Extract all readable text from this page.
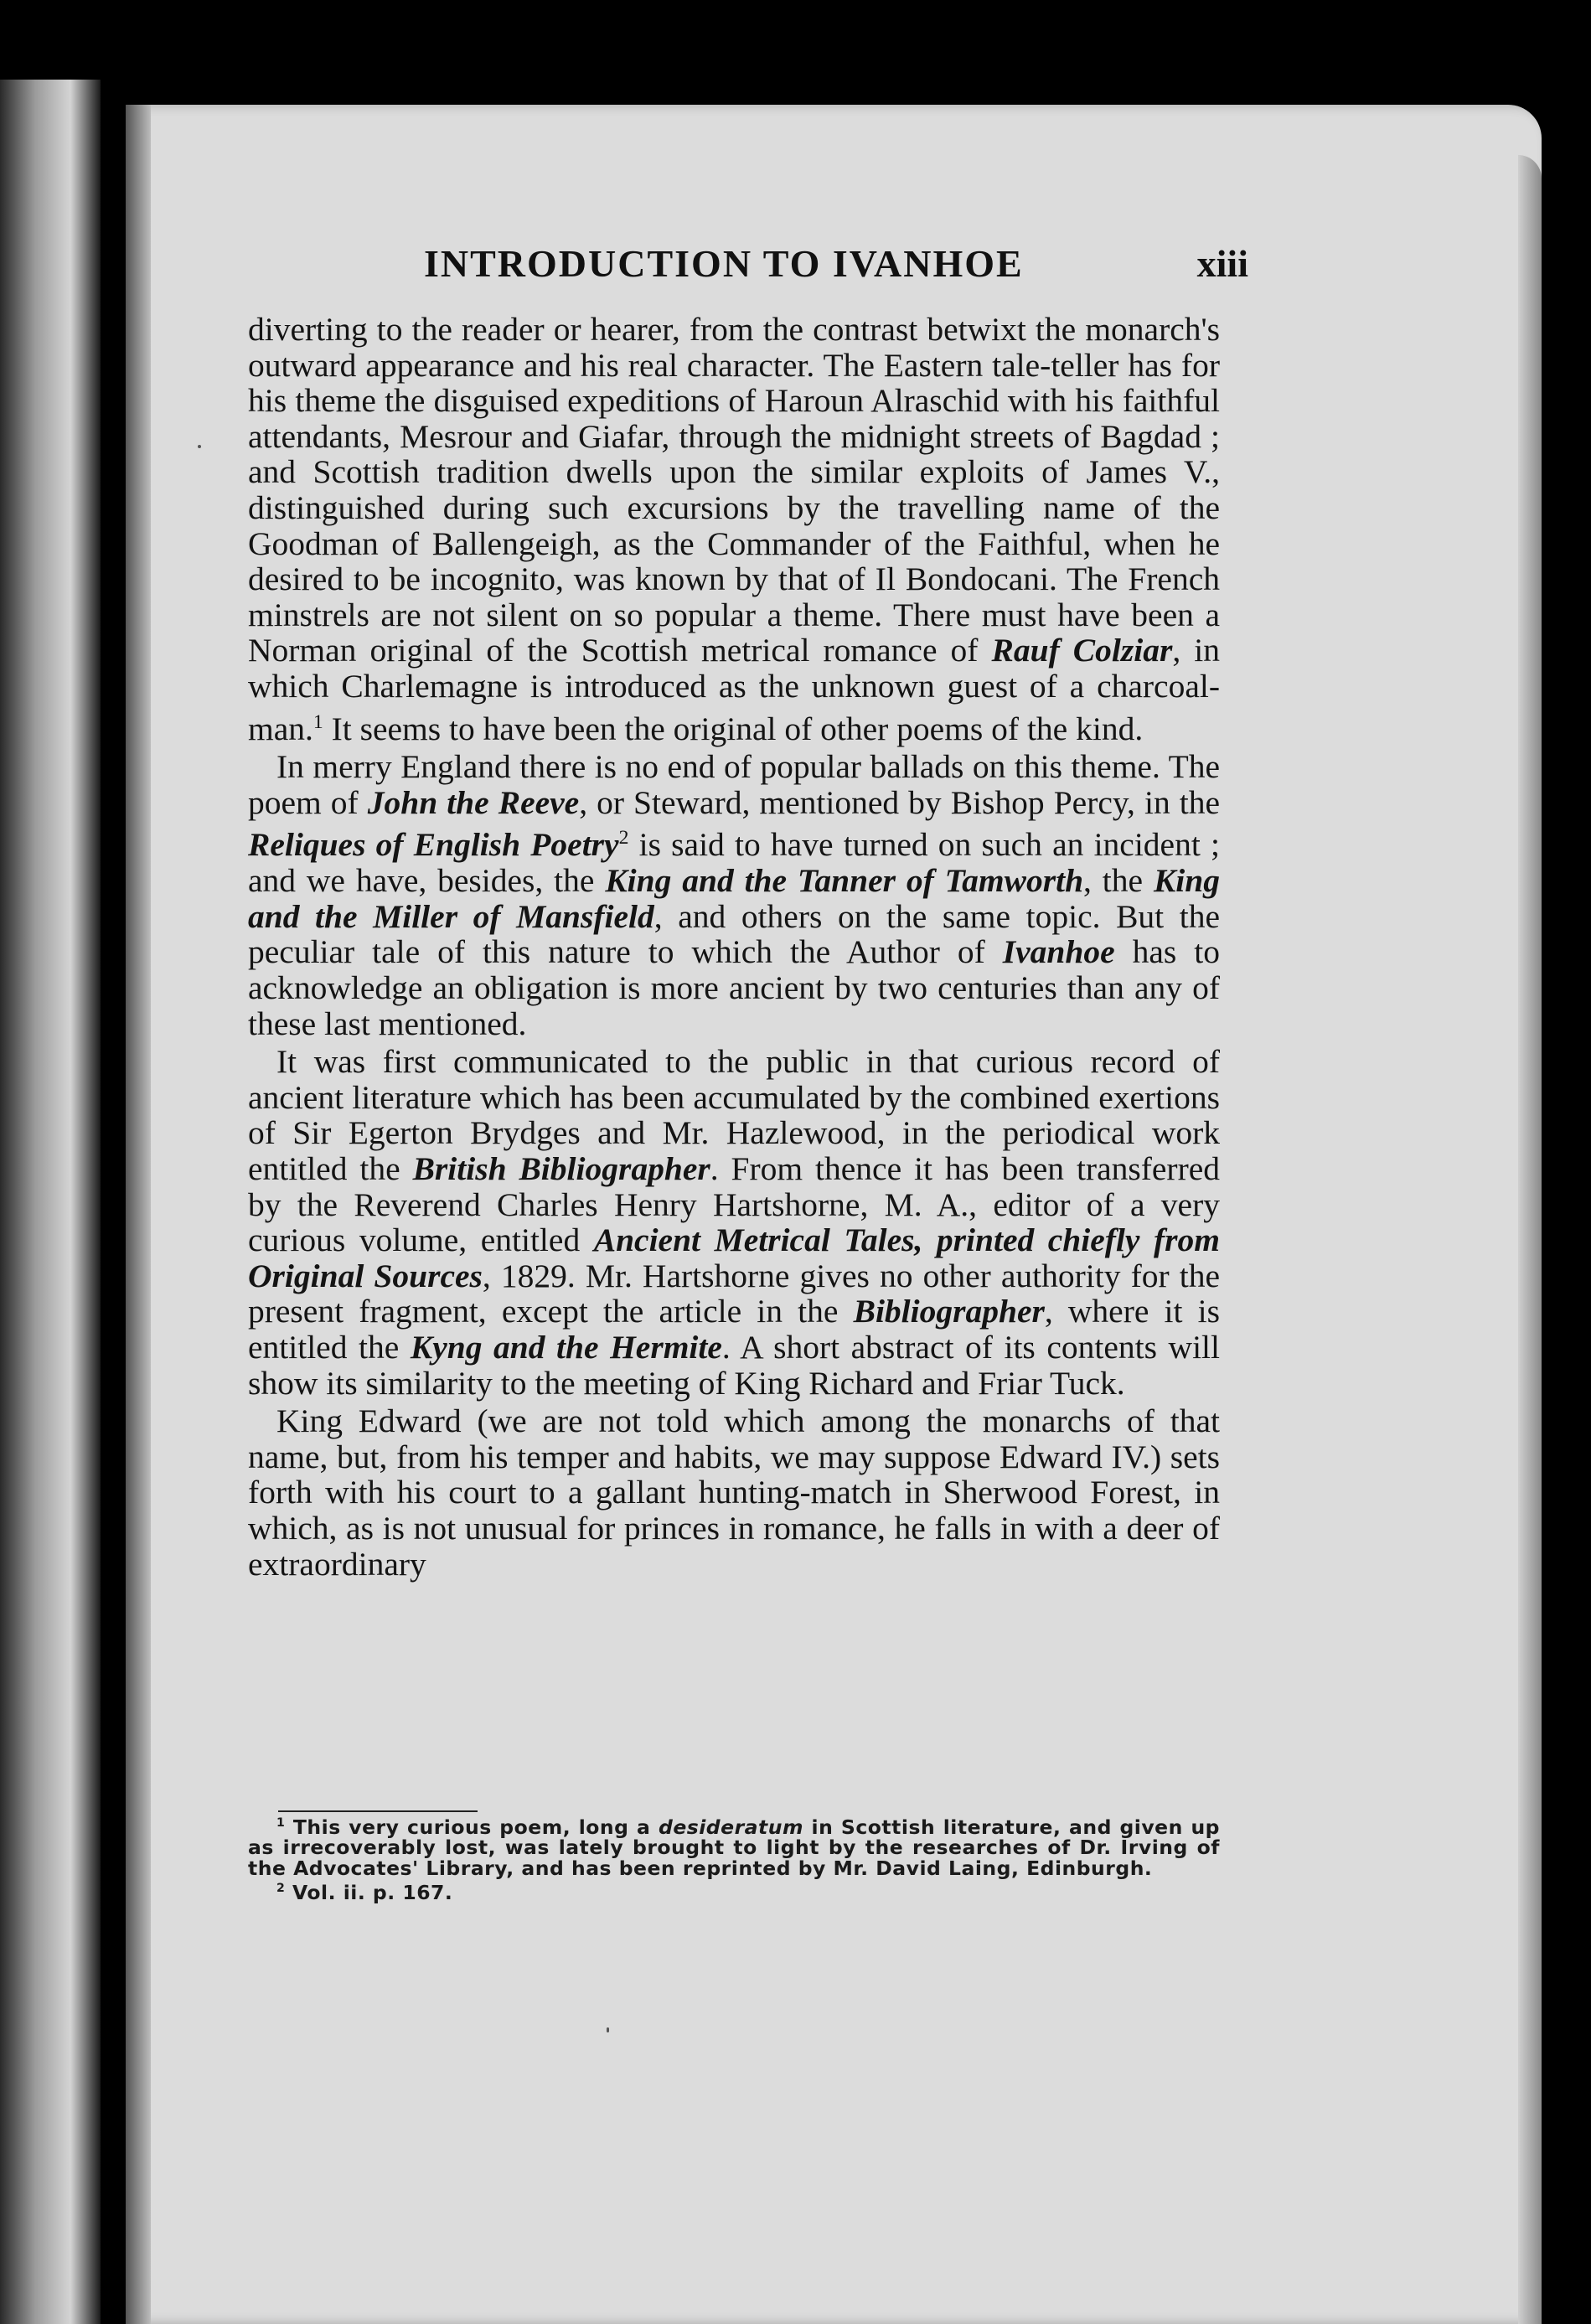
INTRODUCTION TO IVANHOE	xiii

diverting to the reader or hearer, from the contrast betwixt the monarch's outward appearance and his real character. The Eastern tale-teller has for his theme the disguised expeditions of Haroun Alraschid with his faithful attendants, Mesrour and Giafar, through the midnight streets of Bagdad ; and Scottish tradition dwells upon the similar exploits of James V., distinguished during such excursions by the travelling name of the Goodman of Ballengeigh, as the Commander of the Faithful, when he desired to be incognito, was known by that of Il Bondocani. The French minstrels are not silent on so popular a theme. There must have been a Norman original of the Scottish metrical romance of Rauf Colziar, in which Charlemagne is introduced as the unknown guest of a charcoal-man.$^1$ It seems to have been the original of other poems of the kind.

In merry England there is no end of popular ballads on this theme. The poem of John the Reeve, or Steward, mentioned by Bishop Percy, in the Reliques of English Poetry$^2$ is said to have turned on such an incident ; and we have, besides, the King and the Tanner of Tamworth, the King and the Miller of Mansfield, and others on the same topic. But the peculiar tale of this nature to which the Author of Ivanhoe has to acknowledge an obligation is more ancient by two centuries than any of these last mentioned.

It was first communicated to the public in that curious record of ancient literature which has been accumulated by the combined exertions of Sir Egerton Brydges and Mr. Hazlewood, in the periodical work entitled the British Bibliographer. From thence it has been transferred by the Reverend Charles Henry Hartshorne, M. A., editor of a very curious volume, entitled Ancient Metrical Tales, printed chiefly from Original Sources, 1829. Mr. Hartshorne gives no other authority for the present fragment, except the article in the Bibliographer, where it is entitled the Kyng and the Hermite. A short abstract of its contents will show its similarity to the meeting of King Richard and Friar Tuck.

King Edward (we are not told which among the monarchs of that name, but, from his temper and habits, we may suppose Edward IV.) sets forth with his court to a gallant hunting-match in Sherwood Forest, in which, as is not unusual for princes in romance, he falls in with a deer of extraordinary

$^1$ This very curious poem, long a desideratum in Scottish literature, and given up as irrecoverably lost, was lately brought to light by the researches of Dr. Irving of the Advocates' Library, and has been reprinted by Mr. David Laing, Edinburgh.

$^2$ Vol. ii. p. 167.
